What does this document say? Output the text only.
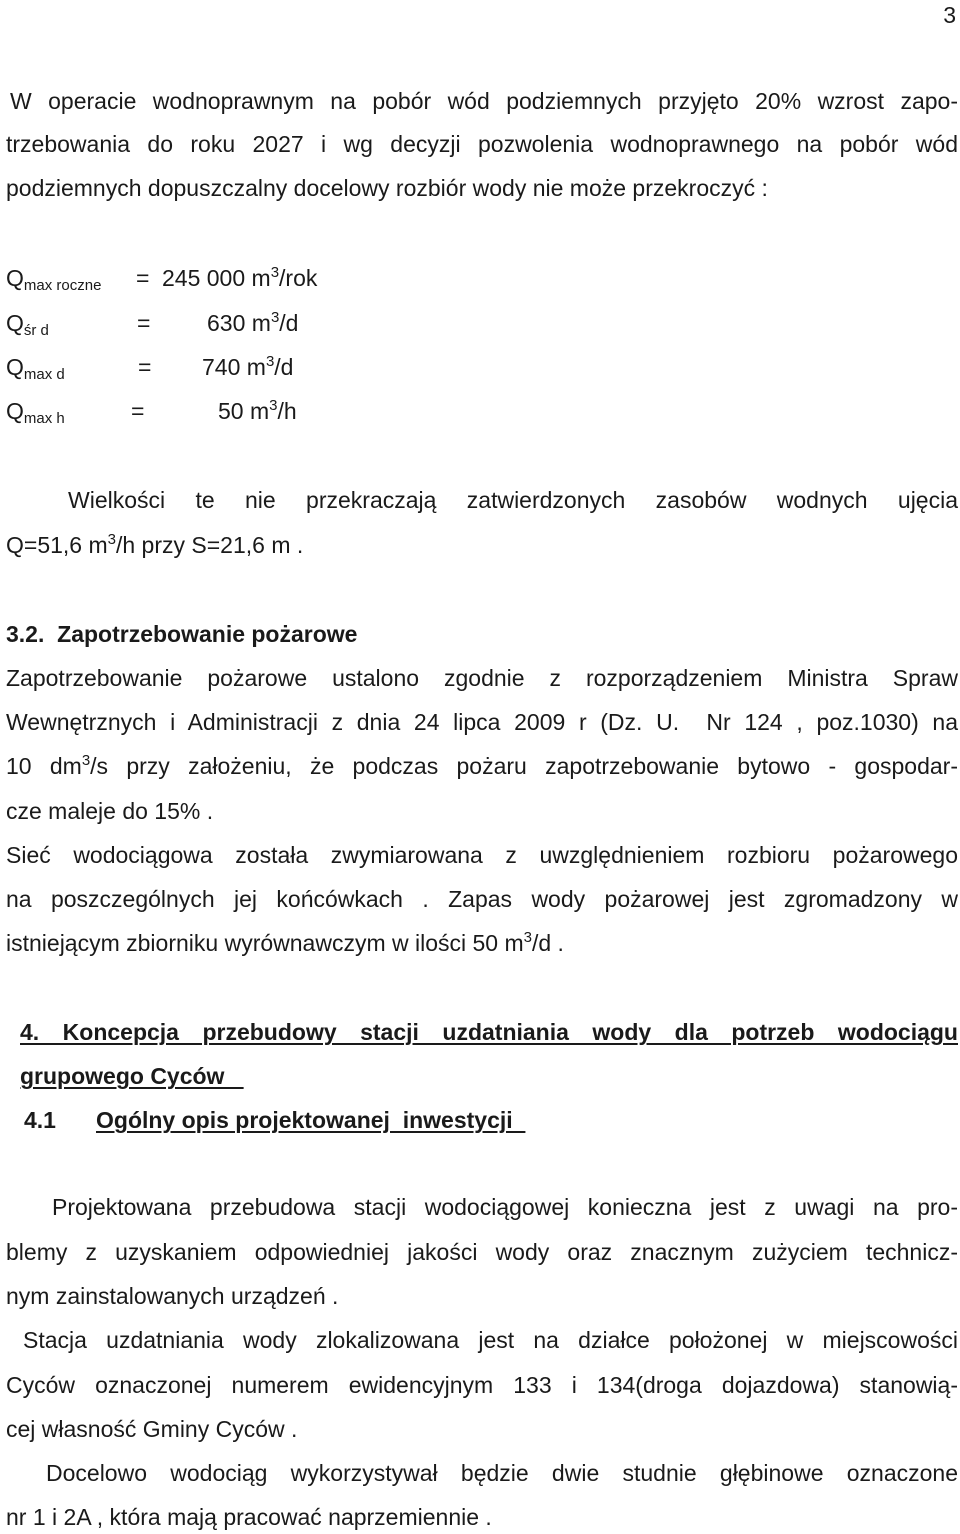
3
W operacie wodnoprawnym na pobór wód podziemnych przyjęto 20% wzrost zapo-
trzebowania do roku 2027 i wg decyzji pozwolenia wodnoprawnego na pobór wód
podziemnych dopuszczalny docelowy rozbiór wody nie może przekroczyć :
$Q_{max roczne} = 245$ 000 $m^3$/rok
$Q_{śr d}$	= 630 $m^3/d$
$Q_{max d}$	= 740 $m^3/d$
$Q_{max h}$	=	50 $m^3/h$
Wielkości te nie przekraczają zatwierdzonych zasobów wodnych ujęcia
Q=51,6 $m^3/h$ przy S=21,6 m .
3.2.  Zapotrzebowanie pożarowe
Zapotrzebowanie pożarowe ustalono zgodnie z rozporządzeniem Ministra Spraw
Wewnętrznych i Administracji z dnia 24 lipca 2009 r (Dz. U.  Nr 124 , poz.1030) na
10 $dm^3/s$ przy założeniu, że podczas pożaru zapotrzebowanie bytowo - gospodar-
cze maleje do 15% .
Sieć wodociągowa została zwymiarowana z uwzględnieniem rozbioru pożarowego
na poszczególnych jej końcówkach . Zapas wody pożarowej jest zgromadzony w
istniejącym zbiorniku wyrównawczym w ilości 50 $m^3/d$ .
4. Koncepcja przebudowy stacji uzdatniania wody dla potrzeb wodociągu
grupowego Cyców
4.1	Ogólny opis projektowanej  inwestycji
Projektowana przebudowa stacji wodociągowej konieczna jest z uwagi na pro-
blemy z uzyskaniem odpowiedniej jakości wody oraz znacznym zużyciem technicz-
nym zainstalowanych urządzeń .
Stacja uzdatniania wody zlokalizowana jest na działce położonej w miejscowości
Cyców oznaczonej numerem ewidencyjnym 133 i 134(droga dojazdowa) stanowią-
cej własność Gminy Cyców .
Docelowo wodociąg wykorzystywał będzie dwie studnie głębinowe oznaczone
nr 1 i 2A , która mają pracować naprzemiennie .
